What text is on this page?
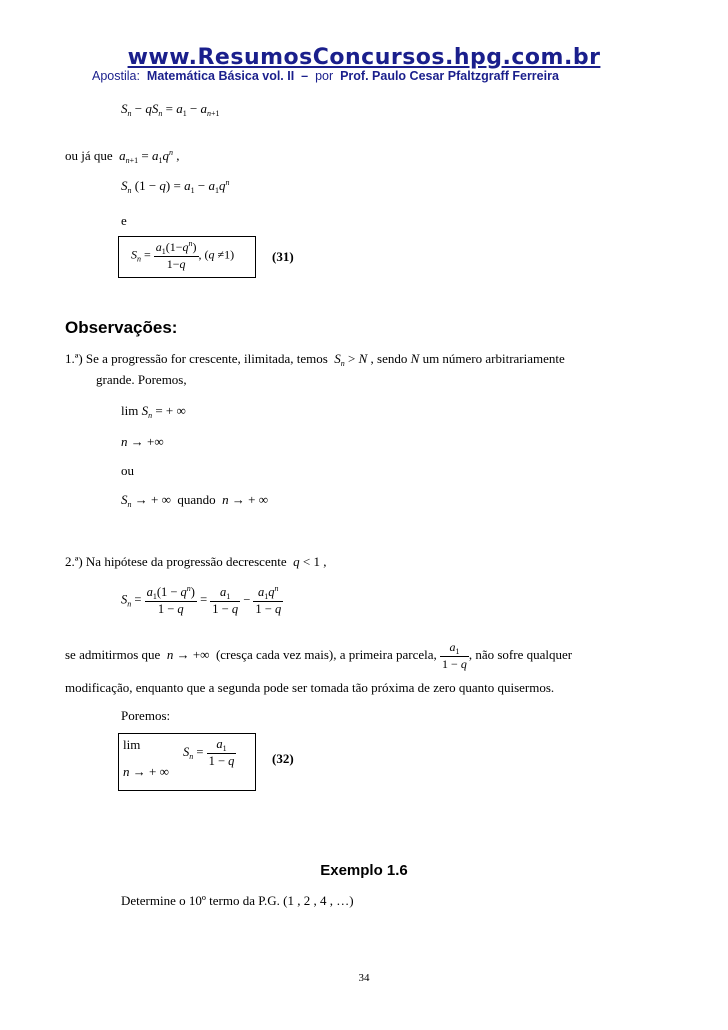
www.ResumosConcursos.hpg.com.br
Apostila: Matemática Básica vol. II – por Prof. Paulo Cesar Pfaltzgraff Ferreira
$S_n - qS_n = a_1 - a_{n+1}$
ou já que $a_{n+1} = a_1q^n$ ,
$S_n$ $(1 - q) = a_1 - a_1q^n$
e
$S_n = \frac{a_1(1-q^n)}{1-q}$ , (q ≠1)	(31)
Observações:
1.ª) Se a progressão for crescente, ilimitada, temos $S_n > N$ , sendo N um número arbitrariamente
grande. Poremos,
$\lim S_n$ = + ∞
n → +∞
ou
$S_n$ → + ∞  quando n → + ∞
2.ª) Na hipótese da progressão decrescente q < 1 ,
$S_n = \frac{a_1(1 - q^n)}{1 - q} = \frac{a_1}{1 - q} - \frac{a_1q^n}{1 - q}$
se admitirmos que n → +∞  (cresça cada vez mais), a primeira parcela, $\frac{a_1}{1 - q}$ , não sofre qualquer
modificação, enquanto que a segunda pode ser tomada tão próxima de zero quanto quisermos.
Poremos:
lim	$S_n = \frac{a_1}{1 - q}$
n → + ∞
(32)
Exemplo 1.6
Determine o 10º termo da P.G. (1 , 2 , 4 , …)
34
